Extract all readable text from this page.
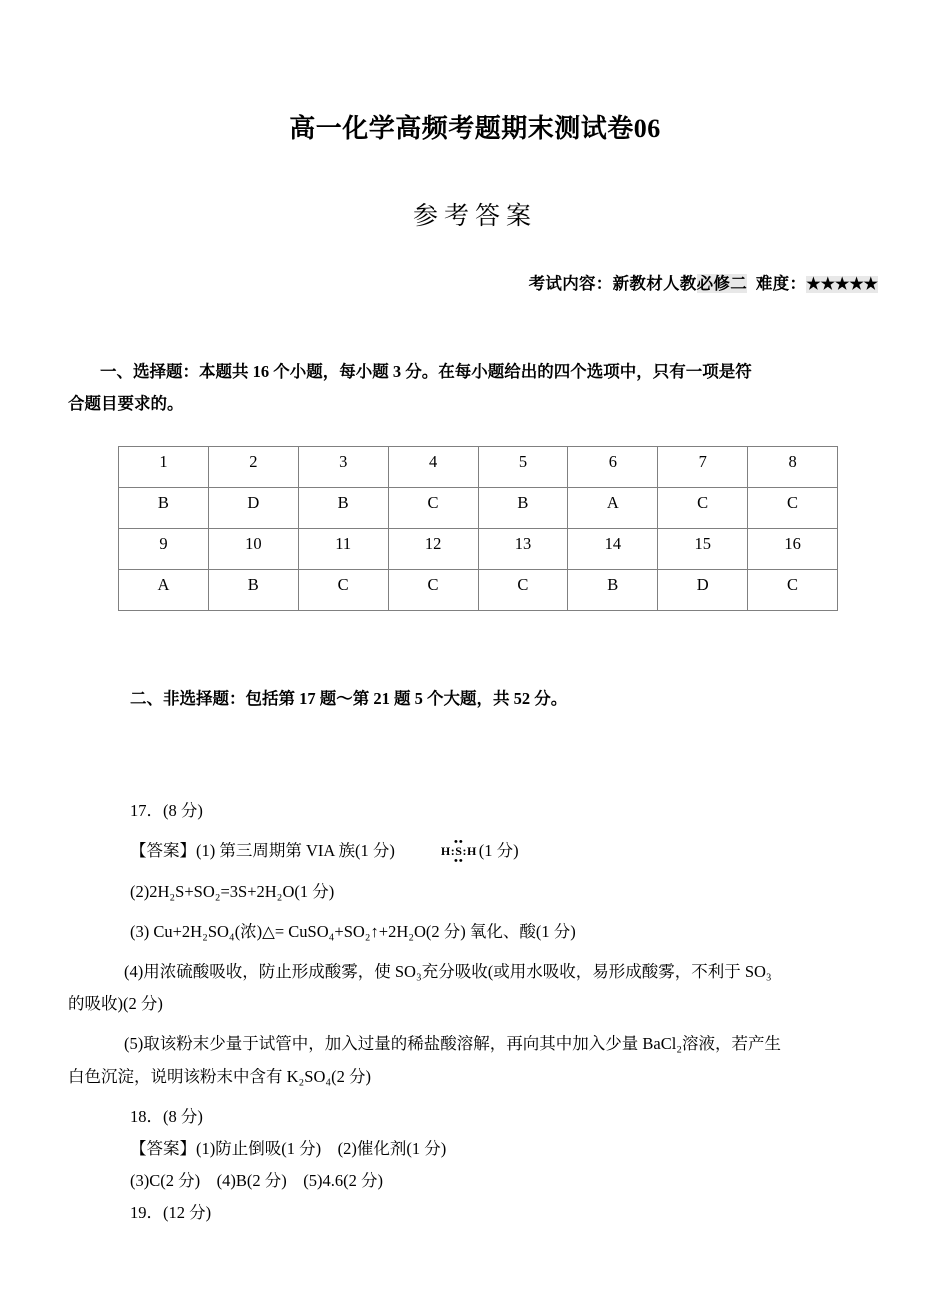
高一化学高频考题期末测试卷06
参考答案
考试内容：新教材人教必修二 难度：★★★★★
一、选择题：本题共 16 个小题，每小题 3 分。在每小题给出的四个选项中，只有一项是符
合题目要求的。
1	2	3	4	5	6	7	8
B	D	B	C	B	A	C	C
9	10	11	12	13	14	15	16
A	B	C	C	C	B	D	C
二、非选择题：包括第 17 题～第 21 题 5 个大题，共 52 分。
17．(8 分)
【答案】(1) 第三周期第 VIA 族(1 分)	••
H:S:H
••
(1 分)
(2)2H₂S+SO₂=3S+2H₂O(1 分)
(3) Cu+2H₂SO₄(浓)△= CuSO₄+SO₂↑+2H₂O(2 分) 氧化、酸(1 分)
(4)用浓硫酸吸收，防止形成酸雾，使 SO₃充分吸收(或用水吸收，易形成酸雾，不利于 SO₃
的吸收)(2 分)
(5)取该粉末少量于试管中，加入过量的稀盐酸溶解，再向其中加入少量 BaCl₂溶液，若产生
白色沉淀，说明该粉末中含有 K₂SO₄(2 分)
18．(8 分)
【答案】(1)防止倒吸(1 分)　(2)催化剂(1 分)
(3)C(2 分)　(4)B(2 分)　(5)4.6(2 分)
19．(12 分)
